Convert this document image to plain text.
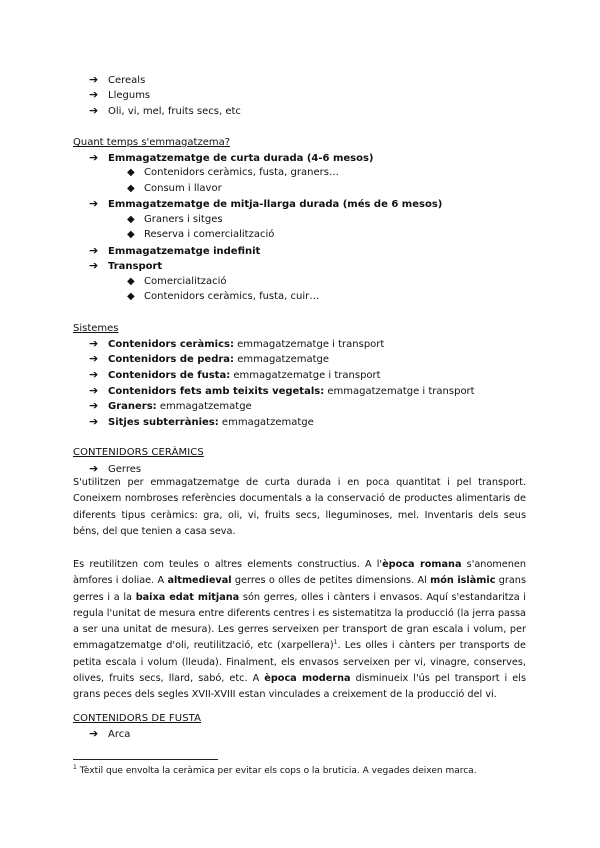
➔ Cereals
➔ Llegums
➔ Oli, vi, mel, fruits secs, etc
Quant temps s'emmagatzema?
➔ Emmagatzematge de curta durada (4-6 mesos)
◆ Contenidors ceràmics, fusta, graners…
◆ Consum i llavor
➔ Emmagatzematge de mitja-llarga durada (més de 6 mesos)
◆ Graners i sitges
◆ Reserva i comercialització
➔ Emmagatzematge indefinit
➔ Transport
◆ Comercialització
◆ Contenidors ceràmics, fusta, cuir…
Sistemes
➔ Contenidors ceràmics: emmagatzematge i transport
➔ Contenidors de pedra: emmagatzematge
➔ Contenidors de fusta: emmagatzematge i transport
➔ Contenidors fets amb teixits vegetals: emmagatzematge i transport
➔ Graners: emmagatzematge
➔ Sitjes subterrànies: emmagatzematge
CONTENIDORS CERÀMICS
➔ Gerres
S'utilitzen per emmagatzematge de curta durada i en poca quantitat i pel transport. Coneixem nombroses referències documentals a la conservació de productes alimentaris de diferents tipus ceràmics: gra, oli, vi, fruits secs, lleguminoses, mel. Inventaris dels seus béns, del que tenien a casa seva.
Es reutilitzen com teules o altres elements constructius. A l'època romana s'anomenen àmfores i doliae. A altmedieval gerres o olles de petites dimensions. Al món islàmic grans gerres i a la baixa edat mitjana són gerres, olles i cànters i envasos. Aquí s'estandaritza i regula l'unitat de mesura entre diferents centres i es sistematitza la producció (la jerra passa a ser una unitat de mesura). Les gerres serveixen per transport de gran escala i volum, per emmagatzematge d'oli, reutilització, etc (xarpellera)$^1$. Les olles i cànters per transports de petita escala i volum (lleuda). Finalment, els envasos serveixen per vi, vinagre, conserves, olives, fruits secs, llard, sabó, etc. A època moderna disminueix l'ús pel transport i els grans peces dels segles XVII-XVIII estan vinculades a creixement de la producció del vi.
CONTENIDORS DE FUSTA
➔ Arca
$^1$ Tèxtil que envolta la ceràmica per evitar els cops o la bruticia. A vegades deixen marca.
